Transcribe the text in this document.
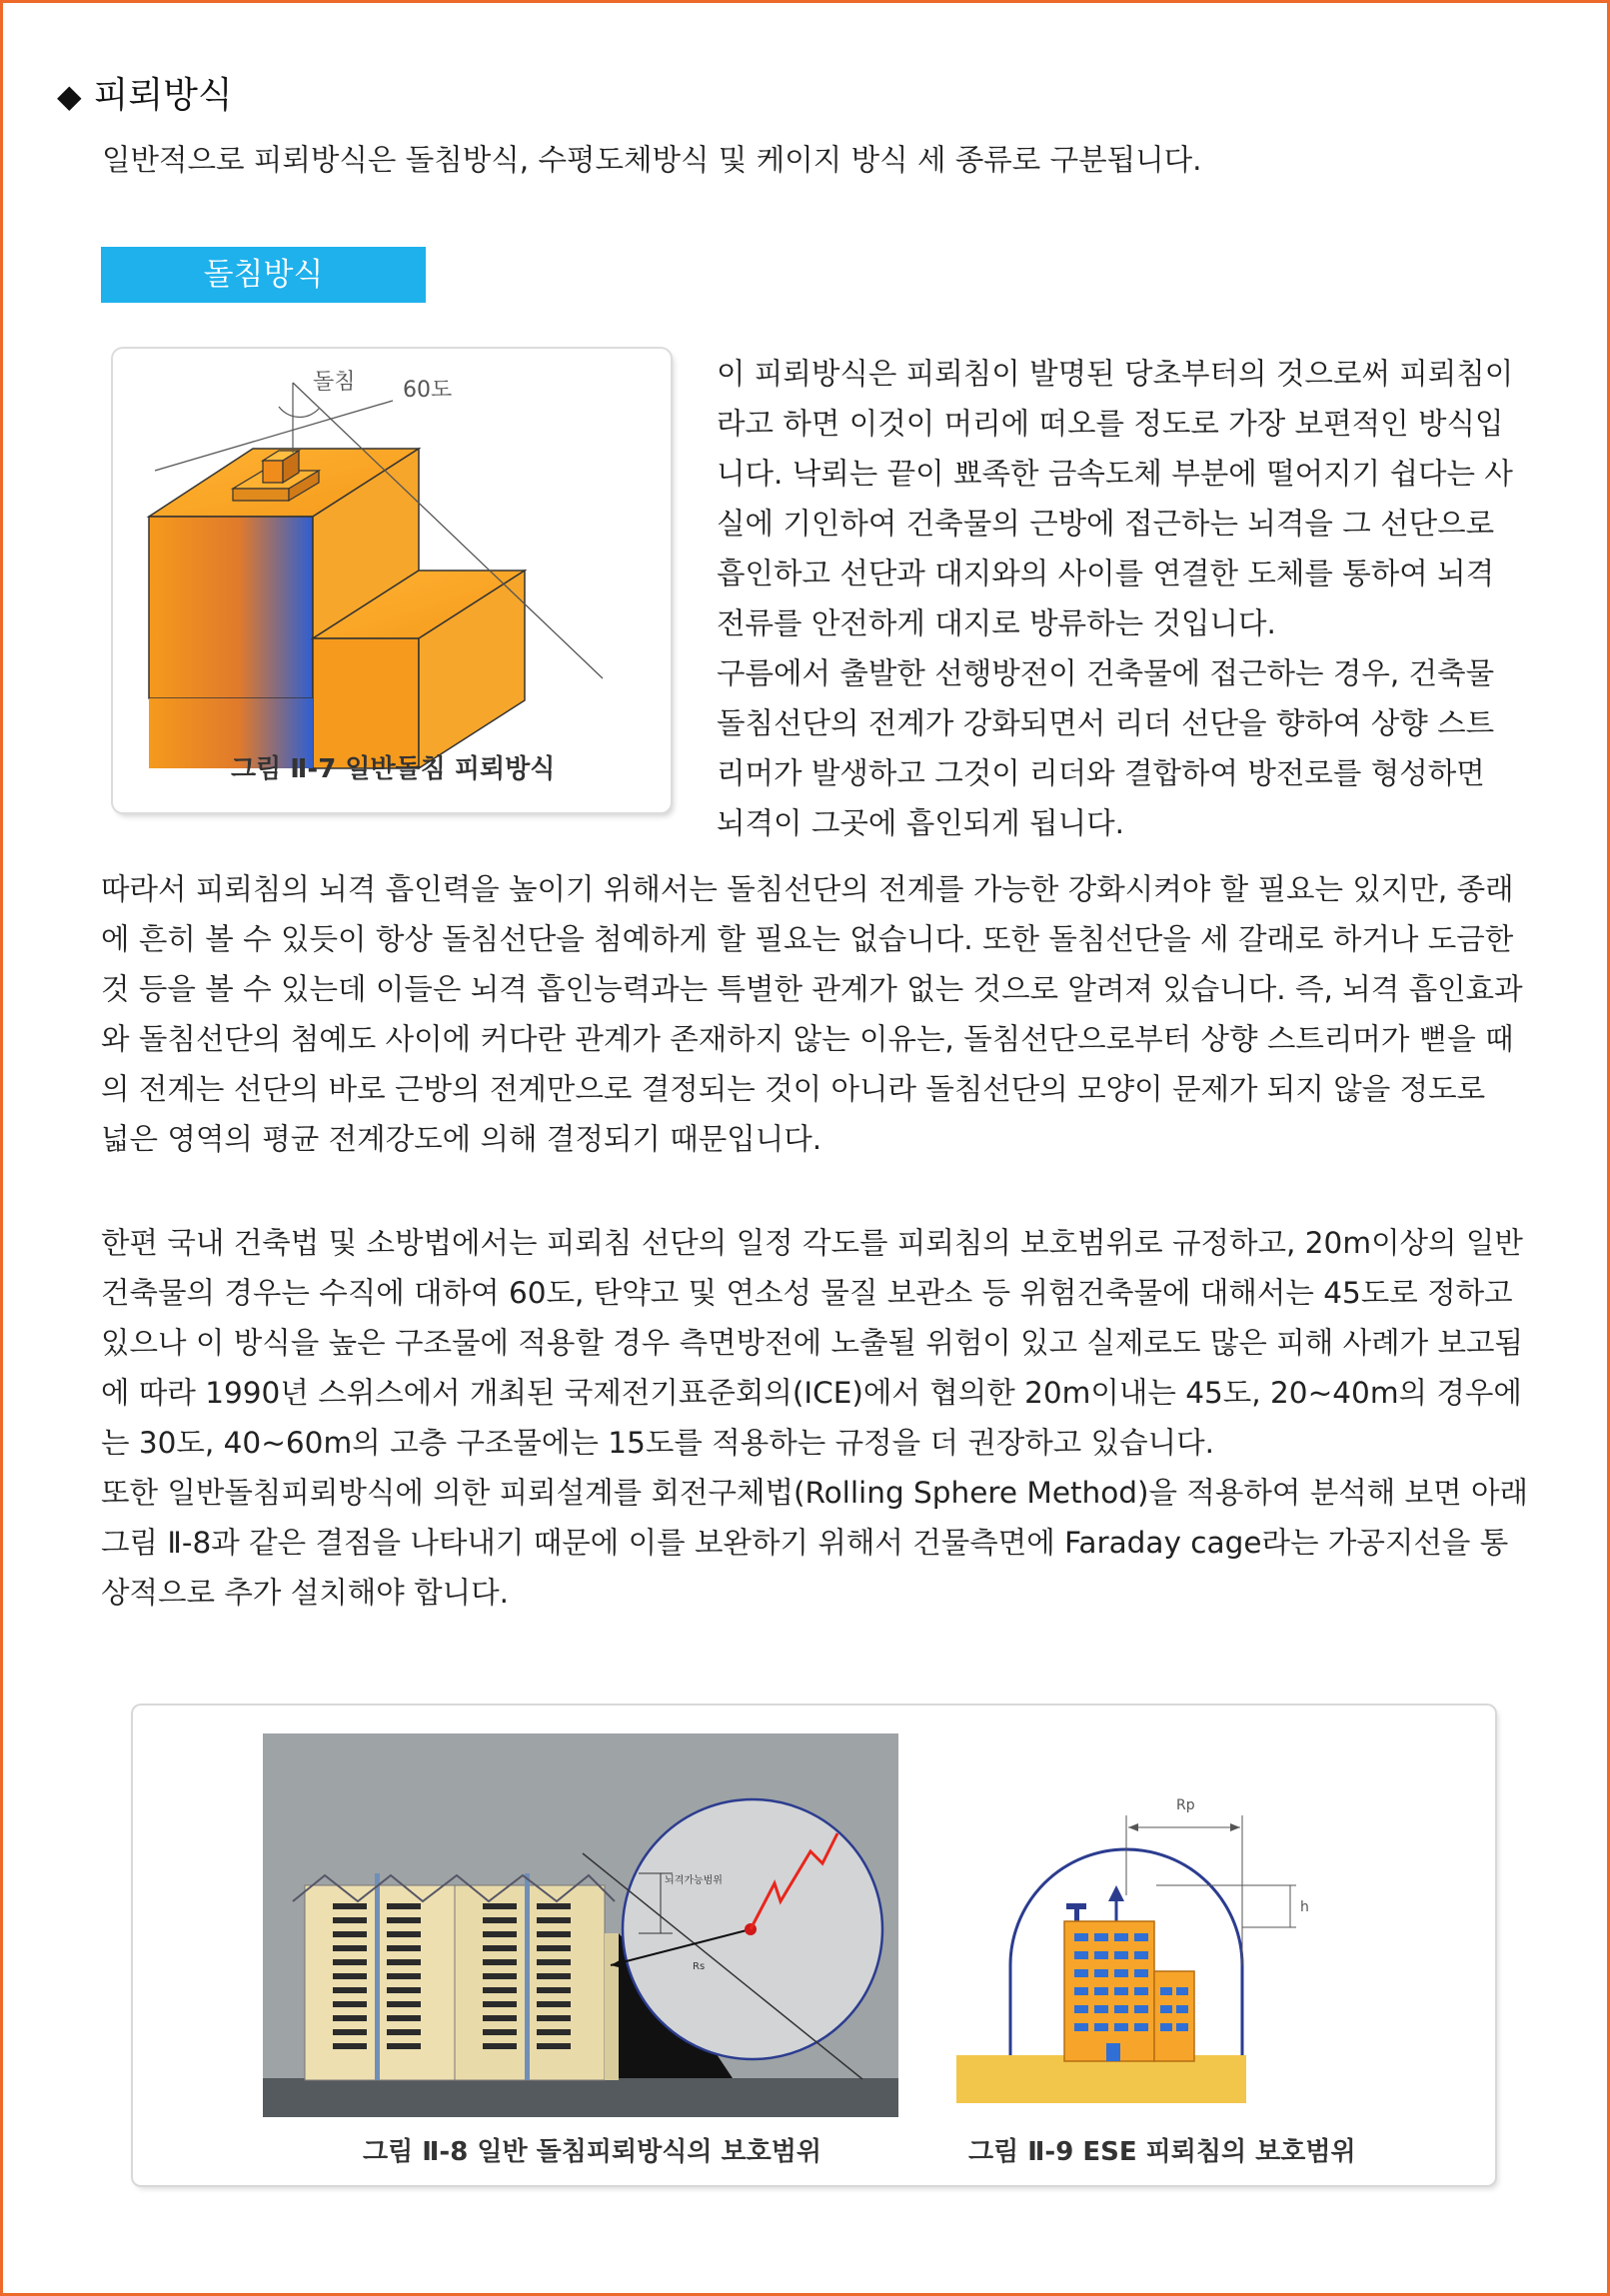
◆ 피뢰방식
일반적으로 피뢰방식은 돌침방식, 수평도체방식 및 케이지 방식 세 종류로 구분됩니다.
돌침방식
돌침 60도
그림 Ⅱ-7 일반돌침 피뢰방식
이 피뢰방식은 피뢰침이 발명된 당초부터의 것으로써 피뢰침이
라고 하면 이것이 머리에 떠오를 정도로 가장 보편적인 방식입
니다. 낙뢰는 끝이 뾰족한 금속도체 부분에 떨어지기 쉽다는 사
실에 기인하여 건축물의 근방에 접근하는 뇌격을 그 선단으로
흡인하고 선단과 대지와의 사이를 연결한 도체를 통하여 뇌격
전류를 안전하게 대지로 방류하는 것입니다.
구름에서 출발한 선행방전이 건축물에 접근하는 경우, 건축물
돌침선단의 전계가 강화되면서 리더 선단을 향하여 상향 스트
리머가 발생하고 그것이 리더와 결합하여 방전로를 형성하면
뇌격이 그곳에 흡인되게 됩니다.
따라서 피뢰침의 뇌격 흡인력을 높이기 위해서는 돌침선단의 전계를 가능한 강화시켜야 할 필요는 있지만, 종래
에 흔히 볼 수 있듯이 항상 돌침선단을 첨예하게 할 필요는 없습니다. 또한 돌침선단을 세 갈래로 하거나 도금한
것 등을 볼 수 있는데 이들은 뇌격 흡인능력과는 특별한 관계가 없는 것으로 알려져 있습니다. 즉, 뇌격 흡인효과
와 돌침선단의 첨예도 사이에 커다란 관계가 존재하지 않는 이유는, 돌침선단으로부터 상향 스트리머가 뻗을 때
의 전계는 선단의 바로 근방의 전계만으로 결정되는 것이 아니라 돌침선단의 모양이 문제가 되지 않을 정도로
넓은 영역의 평균 전계강도에 의해 결정되기 때문입니다.
한편 국내 건축법 및 소방법에서는 피뢰침 선단의 일정 각도를 피뢰침의 보호범위로 규정하고, 20m이상의 일반
건축물의 경우는 수직에 대하여 60도, 탄약고 및 연소성 물질 보관소 등 위험건축물에 대해서는 45도로 정하고
있으나 이 방식을 높은 구조물에 적용할 경우 측면방전에 노출될 위험이 있고 실제로도 많은 피해 사례가 보고됨
에 따라 1990년 스위스에서 개최된 국제전기표준회의(ICE)에서 협의한 20m이내는 45도, 20~40m의 경우에
는 30도, 40~60m의 고층 구조물에는 15도를 적용하는 규정을 더 권장하고 있습니다.
또한 일반돌침피뢰방식에 의한 피뢰설계를 회전구체법(Rolling Sphere Method)을 적용하여 분석해 보면 아래
그림 Ⅱ-8과 같은 결점을 나타내기 때문에 이를 보완하기 위해서 건물측면에 Faraday cage라는 가공지선을 통
상적으로 추가 설치해야 합니다.
뇌격가능범위
Rs
그림 Ⅱ-8 일반 돌침피뢰방식의 보호범위
Rp
h
그림 Ⅱ-9 ESE 피뢰침의 보호범위
